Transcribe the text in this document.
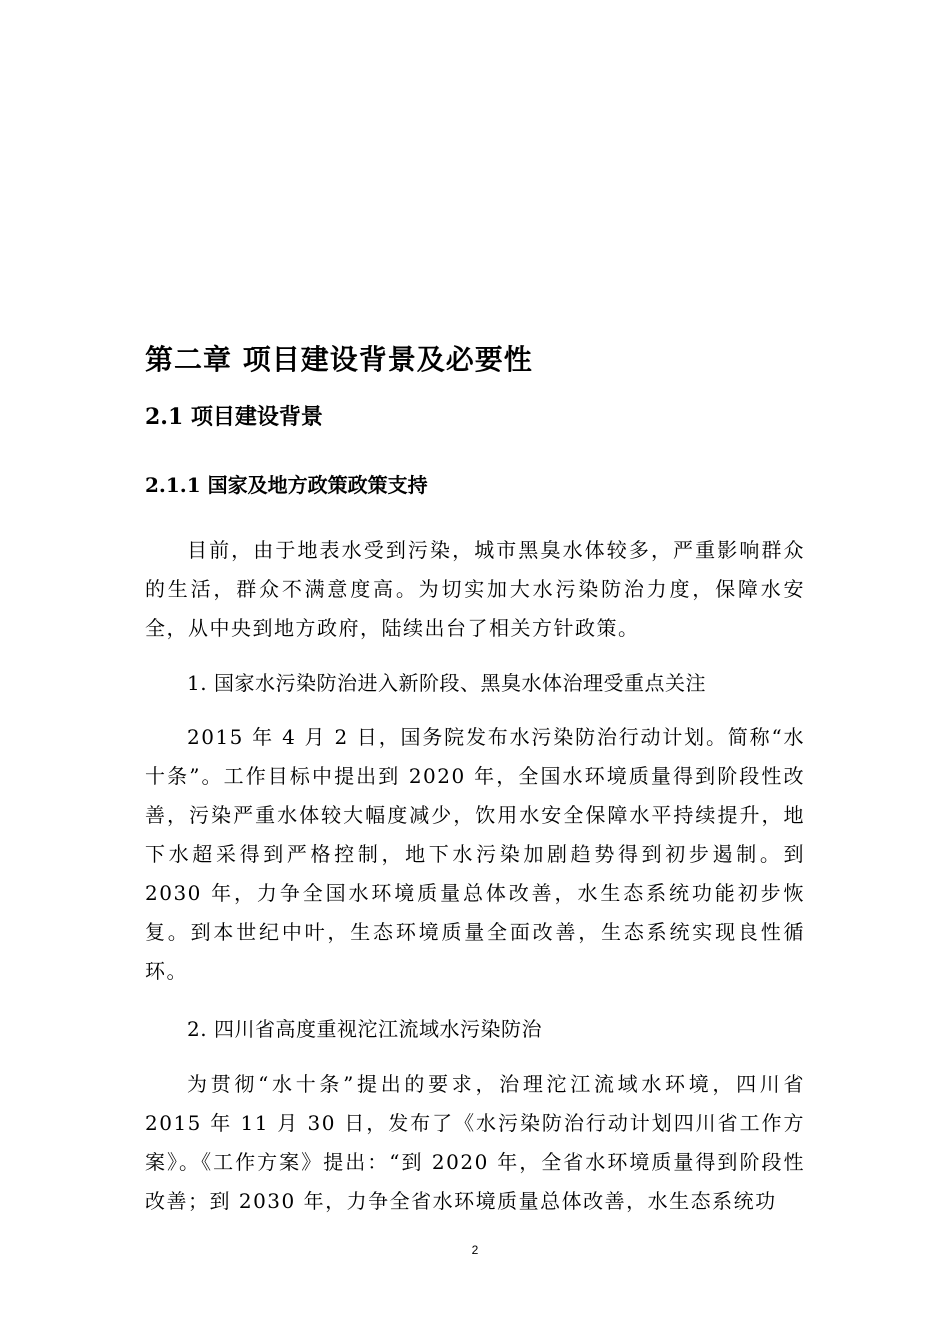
第二章 项目建设背景及必要性
2.1 项目建设背景
2.1.1 国家及地方政策政策支持
目前，由于地表水受到污染，城市黑臭水体较多，严重影响群众的生活，群众不满意度高。为切实加大水污染防治力度，保障水安全，从中央到地方政府，陆续出台了相关方针政策。
1. 国家水污染防治进入新阶段、黑臭水体治理受重点关注
2015 年 4 月 2 日，国务院发布水污染防治行动计划。简称“水十条”。工作目标中提出到 2020 年，全国水环境质量得到阶段性改善，污染严重水体较大幅度减少，饮用水安全保障水平持续提升，地下水超采得到严格控制，地下水污染加剧趋势得到初步遏制。到 2030 年，力争全国水环境质量总体改善，水生态系统功能初步恢复。到本世纪中叶，生态环境质量全面改善，生态系统实现良性循环。
2. 四川省高度重视沱江流域水污染防治
为贯彻“水十条”提出的要求，治理沱江流域水环境，四川省 2015 年 11 月 30 日，发布了《水污染防治行动计划四川省工作方案》。《工作方案》提出：“到 2020 年，全省水环境质量得到阶段性改善；到 2030 年，力争全省水环境质量总体改善，水生态系统功
2
